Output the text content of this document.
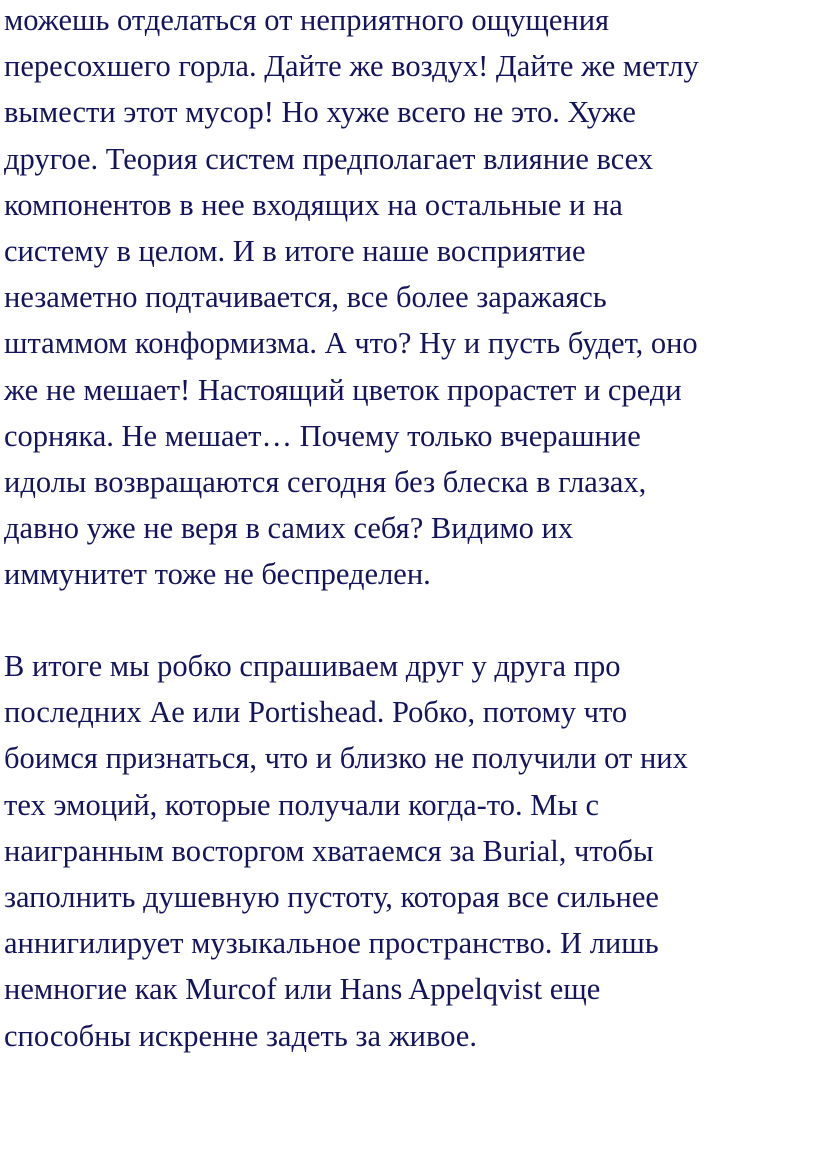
можешь отделаться от неприятного ощущения
пересохшего горла. Дайте же воздух! Дайте же метлу
вымести этот мусор! Но хуже всего не это. Хуже
другое. Теория систем предполагает влияние всех
компонентов в нее входящих на остальные и на
систему в целом. И в итоге наше восприятие
незаметно подтачивается, все более заражаясь
штаммом конформизма. А что? Ну и пусть будет, оно
же не мешает! Настоящий цветок прорастет и среди
сорняка. Не мешает… Почему только вчерашние
идолы возвращаются сегодня без блеска в глазах,
давно уже не веря в самих себя? Видимо их
иммунитет тоже не беспределен.

В итоге мы робко спрашиваем друг у друга про
последних Ae или Portishead. Робко, потому что
боимся признаться, что и близко не получили от них
тех эмоций, которые получали когда-то. Мы с
наигранным восторгом хватаемся за Burial, чтобы
заполнить душевную пустоту, которая все сильнее
аннигилирует музыкальное пространство. И лишь
немногие как Murcof или Hans Appelqvist еще
способны искренне задеть за живое.
